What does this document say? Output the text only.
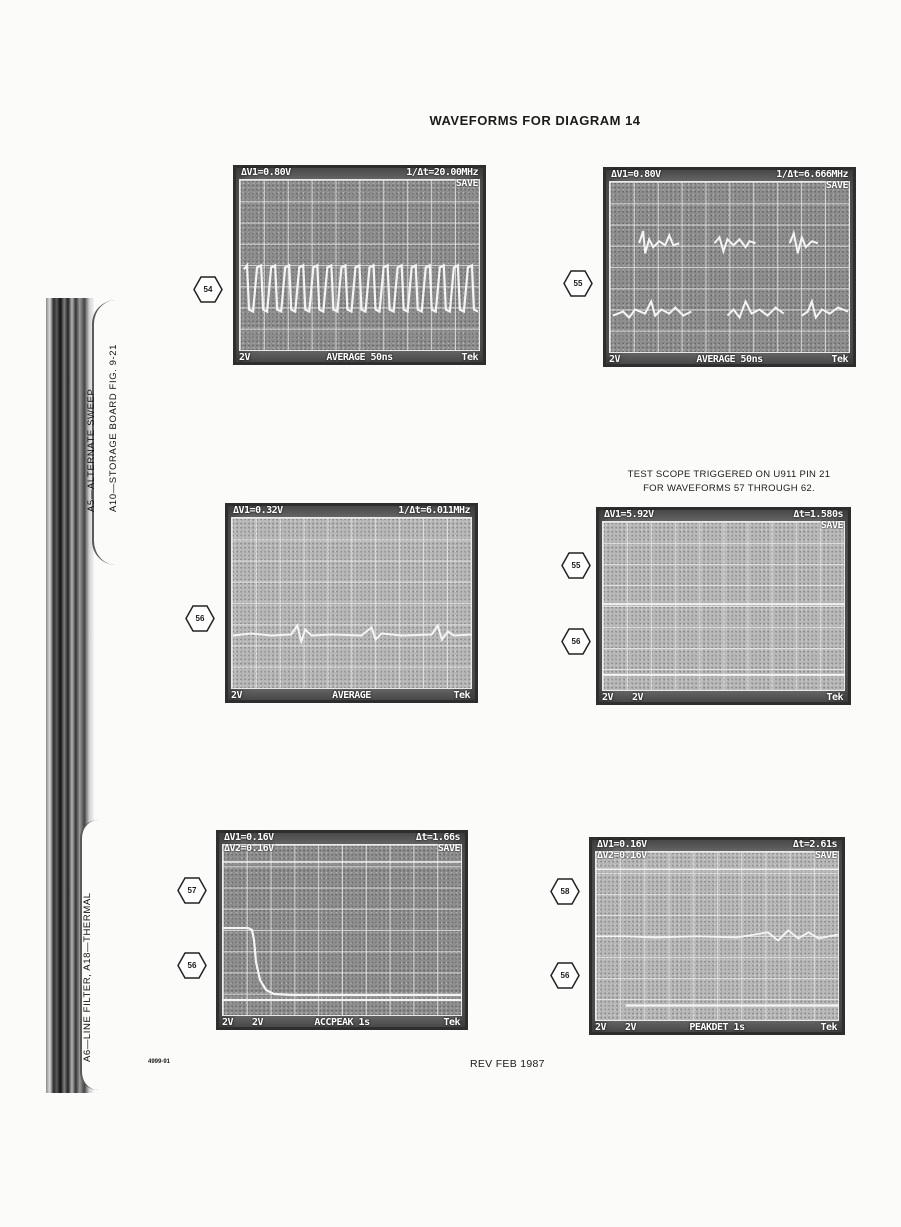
WAVEFORMS FOR DIAGRAM 14
TEST SCOPE TRIGGERED ON U911 PIN 21
FOR WAVEFORMS 57 THROUGH 62.
A5—ALTERNATE SWEEP A10—STORAGE BOARD FIG. 9-21
A6—LINE FILTER, A18—THERMAL
54
ΔV1=0.80V	1/Δt=20.00MHz
SAVE
2V	AVERAGE 50ns	Tek
55
ΔV1=0.80V	1/Δt=6.666MHz
SAVE
2V	AVERAGE 50ns	Tek
56
ΔV1=0.32V	1/Δt=6.011MHz
2V	AVERAGE	Tek
55
56
ΔV1=5.92V	Δt=1.580s
SAVE
2V 2V	Tek
57
56
ΔV1=0.16V
ΔV2=0.16V
Δt=1.66s
SAVE
2V 2V	ACCPEAK 1s	Tek
58
56
ΔV1=0.16V
ΔV2=0.16V
Δt=2.61s
SAVE
2V 2V	PEAKDET 1s	Tek
4999-91	REV FEB 1987
